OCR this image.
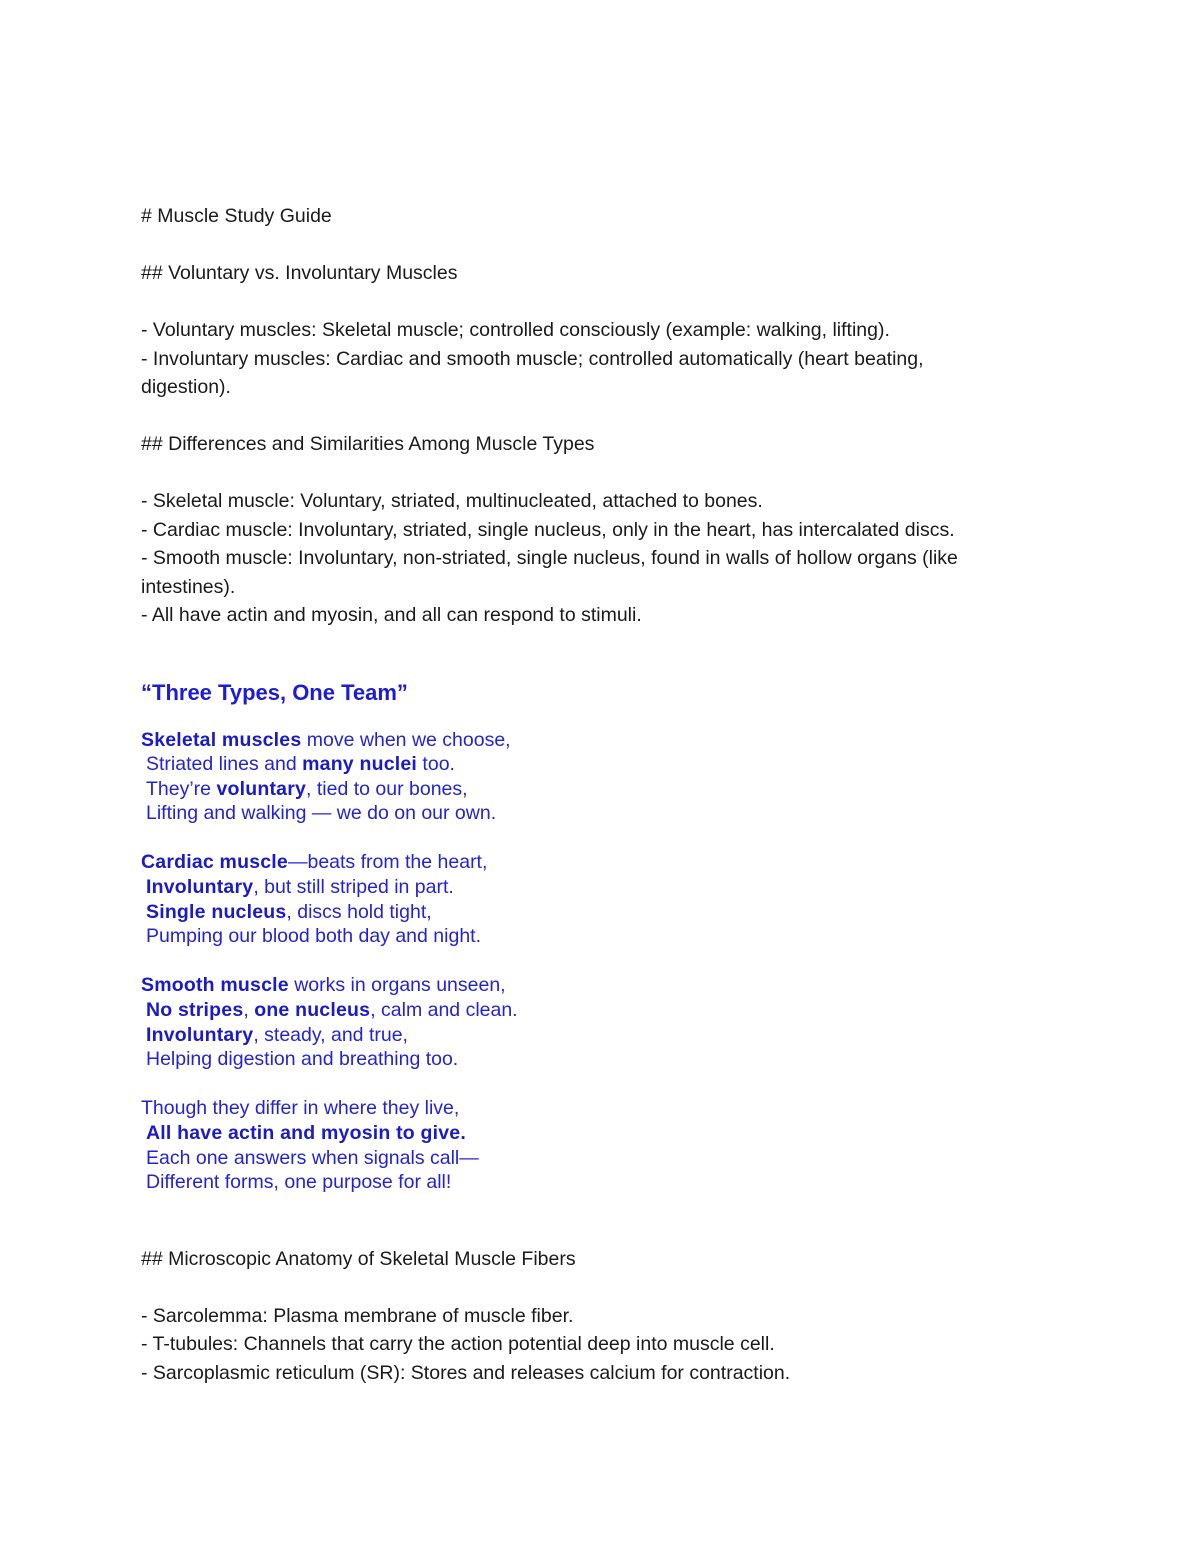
# Muscle Study Guide

## Voluntary vs. Involuntary Muscles

- Voluntary muscles: Skeletal muscle; controlled consciously (example: walking, lifting).

- Involuntary muscles: Cardiac and smooth muscle; controlled automatically (heart beating,

digestion).

## Differences and Similarities Among Muscle Types

- Skeletal muscle: Voluntary, striated, multinucleated, attached to bones.

- Cardiac muscle: Involuntary, striated, single nucleus, only in the heart, has intercalated discs.

- Smooth muscle: Involuntary, non-striated, single nucleus, found in walls of hollow organs (like

intestines).

- All have actin and myosin, and all can respond to stimuli.

“Three Types, One Team”

Skeletal muscles move when we choose,

Striated lines and many nuclei too.

They’re voluntary, tied to our bones,

Lifting and walking — we do on our own.

Cardiac muscle—beats from the heart,

Involuntary, but still striped in part.

Single nucleus, discs hold tight,

Pumping our blood both day and night.

Smooth muscle works in organs unseen,

No stripes, one nucleus, calm and clean.

Involuntary, steady, and true,

Helping digestion and breathing too.

Though they differ in where they live,

All have actin and myosin to give.

Each one answers when signals call—

Different forms, one purpose for all!

## Microscopic Anatomy of Skeletal Muscle Fibers

- Sarcolemma: Plasma membrane of muscle fiber.

- T-tubules: Channels that carry the action potential deep into muscle cell.

- Sarcoplasmic reticulum (SR): Stores and releases calcium for contraction.
